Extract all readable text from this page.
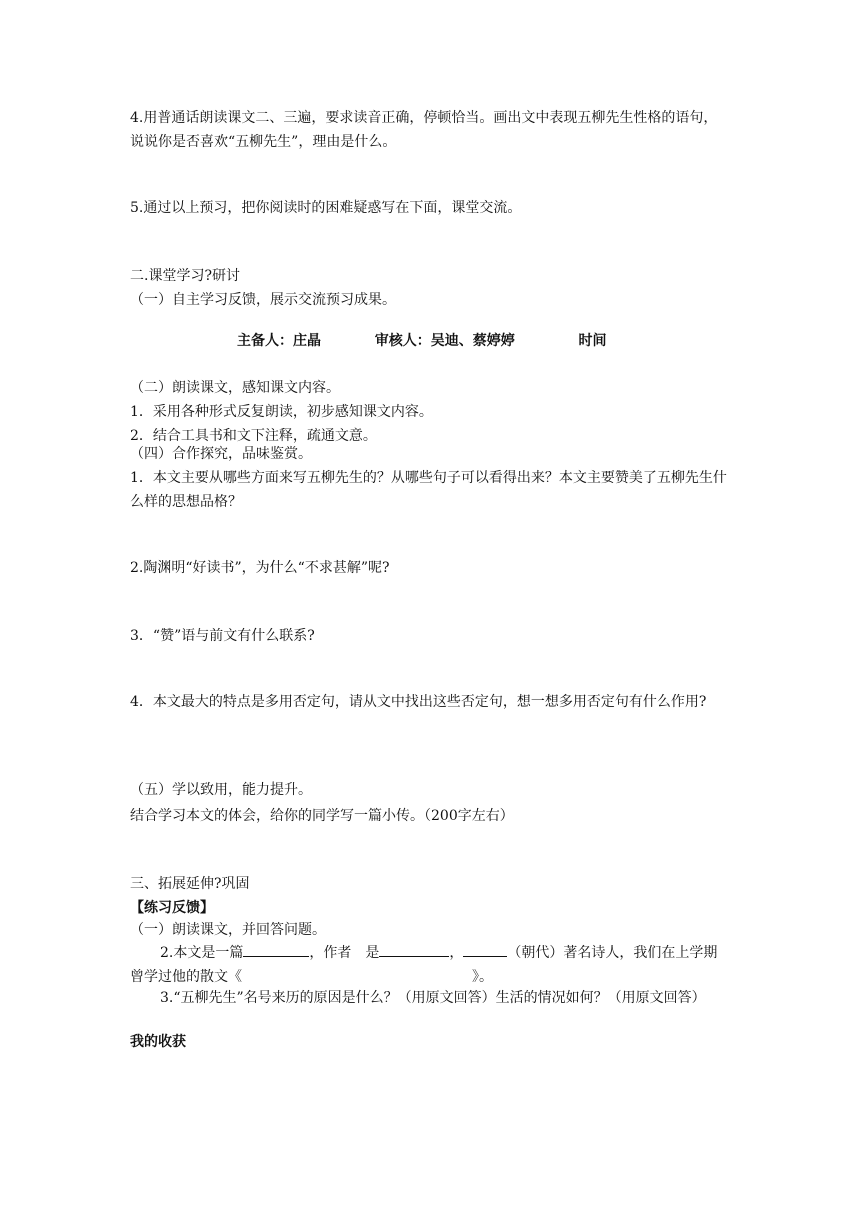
4.用普通话朗读课文二、三遍，要求读音正确，停顿恰当。画出文中表现五柳先生性格的语句，说说你是否喜欢“五柳先生”，理由是什么。
5.通过以上预习，把你阅读时的困难疑惑写在下面，课堂交流。
二.课堂学习?研讨
（一）自主学习反馈，展示交流预习成果。
主备人：庄晶	审核人：吴迪、蔡婷婷	时间
（二）朗读课文，感知课文内容。
1．采用各种形式反复朗读，初步感知课文内容。
2．结合工具书和文下注释，疏通文意。
（四）合作探究，品味鉴赏。
1．本文主要从哪些方面来写五柳先生的？从哪些句子可以看得出来？本文主要赞美了五柳先生什么样的思想品格？
2.陶渊明“好读书”，为什么“不求甚解”呢?
3．“赞”语与前文有什么联系?
4．本文最大的特点是多用否定句，请从文中找出这些否定句，想一想多用否定句有什么作用?
（五）学以致用，能力提升。
结合学习本文的体会，给你的同学写一篇小传。（200字左右）
三、拓展延伸?巩固
【练习反馈】
（一）朗读课文，并回答问题。
2.本文是一篇	，作者　是	，	（朝代）著名诗人，我们在上学期曾学过他的散文《	》。
3.“五柳先生”名号来历的原因是什么？（用原文回答）生活的情况如何？（用原文回答）
我的收获
